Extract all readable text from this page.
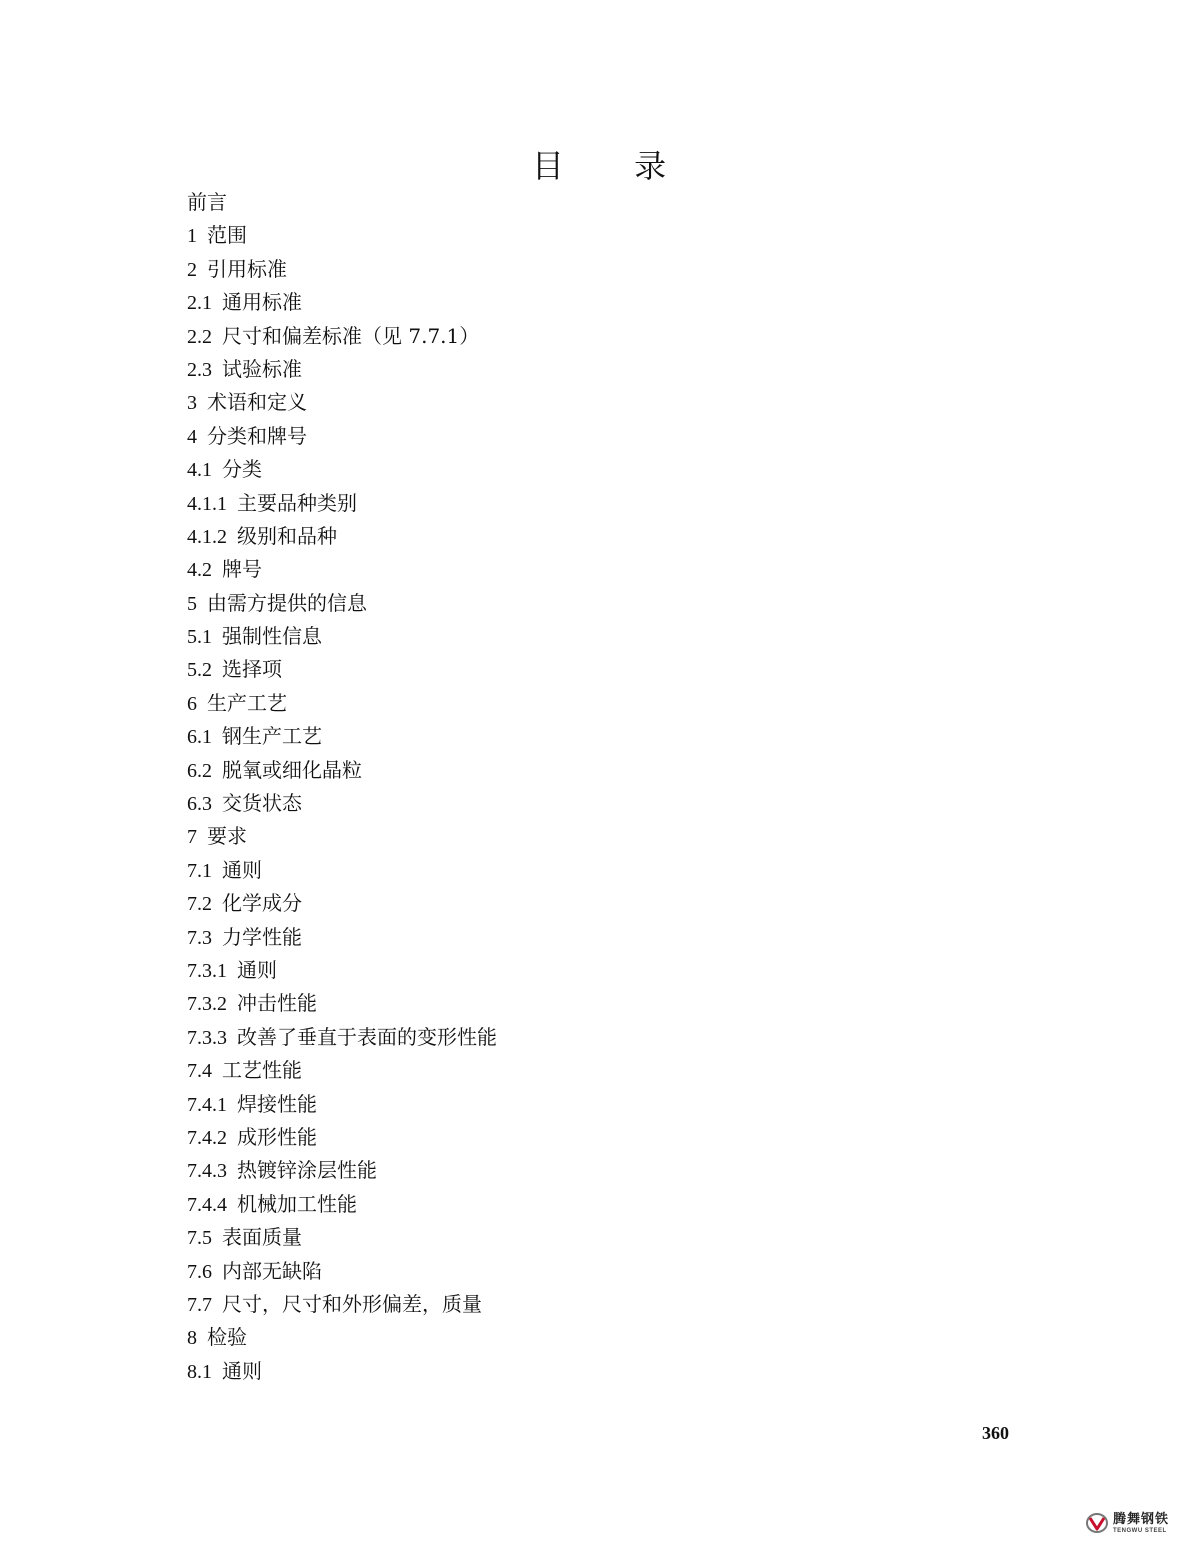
目 录
前言
1 范围
2 引用标准
2.1 通用标准
2.2 尺寸和偏差标准（见 7.7.1）
2.3 试验标准
3 术语和定义
4 分类和牌号
4.1 分类
4.1.1 主要品种类别
4.1.2 级别和品种
4.2 牌号
5 由需方提供的信息
5.1 强制性信息
5.2 选择项
6 生产工艺
6.1 钢生产工艺
6.2 脱氧或细化晶粒
6.3 交货状态
7 要求
7.1 通则
7.2 化学成分
7.3 力学性能
7.3.1 通则
7.3.2 冲击性能
7.3.3 改善了垂直于表面的变形性能
7.4 工艺性能
7.4.1 焊接性能
7.4.2 成形性能
7.4.3 热镀锌涂层性能
7.4.4 机械加工性能
7.5 表面质量
7.6 内部无缺陷
7.7 尺寸，尺寸和外形偏差，质量
8 检验
8.1 通则
360
腾舞钢铁
TENGWU STEEL
